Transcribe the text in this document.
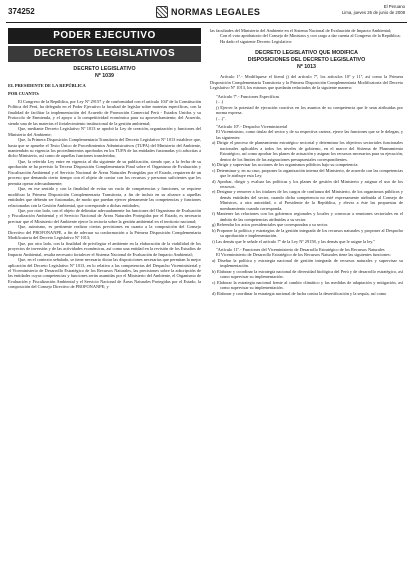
374252	NORMAS LEGALES
El Peruano
Lima, jueves 26 de junio de 2008
PODER EJECUTIVO
DECRETOS LEGISLATIVOS
DECRETO LEGISLATIVO
Nº 1039
EL PRESIDENTE DE LA REPÚBLICA
POR CUANTO:

El Congreso de la República, por Ley Nº 29157 y de conformidad con el artículo 104º de la Constitución Política del Perú, ha delegado en el Poder Ejecutivo la facultad de legislar sobre materias específicas, con la finalidad de facilitar la implementación del Acuerdo de Promoción Comercial Perú - Estados Unidos y su Protocolo de Enmienda, y el apoyo a la competitividad económica para su aprovechamiento; del Acuerdo, siendo una de las materias el fortalecimiento institucional de la gestión ambiental;

Que, mediante Decreto Legislativo Nº 1013 se aprobó la Ley de creación, organización y funciones del Ministerio del Ambiente;

Que, la Primera Disposición Complementaria Transitoria del Decreto Legislativo Nº 1013 establece que, hasta que se apruebe el Texto Único de Procedimientos Administrativos (TUPA) del Ministerio del Ambiente, mantendrán su vigencia los procedimientos aprobados en los TUPA de las entidades fusionadas y/o adscritas a dicho Ministerio, así como de aquellas funciones transferidas;

Que, la referida Ley entre en vigencia al día siguiente de su publicación, siendo que, a la fecha de su aprobación se ha previsto la Tercera Disposición Complementaria Final sobre el Organismo de Evaluación y Fiscalización Ambiental y el Servicio Nacional de Áreas Naturales Protegidas por el Estado, requieren de un proceso que demanda cierto tiempo con el objeto de contar con los recursos y personas suficientes que les permita operar adecuadamente;

Que, en ese sentido y con la finalidad de evitar un vacío de competencias y funciones, se requiere modificar la Primera Disposición Complementaria Transitoria, a fin de incluir en su alcance a aquellas entidades que deberán ser fusionadas, de modo que puedan ejercer plenamente las competencias y funciones relacionadas con la Gestión Ambiental, que corresponde a dichas entidades;

Que, por otro lado, con el objeto de delimitar adecuadamente las funciones del Organismo de Evaluación y Fiscalización Ambiental y el Servicio Nacional de Áreas Naturales Protegidas por el Estado, es necesario precisar que el Ministerio del Ambiente ejerce la rectoría sobre la gestión ambiental en el territorio nacional;

Que, asimismo, es pertinente realizar ciertas precisiones en cuanto a la composición del Consejo Directivo del PROFONANPE, a fin de adecuar su conformación a la Primera Disposición Complementaria Modificatoria del Decreto Legislativo Nº 1013;

Que, por otro lado, con la finalidad de privilegiar el ambiente en la elaboración de la viabilidad de los proyectos de inversión y de las actividades económicas, así como una entidad en la revisión de los Estudios de Impacto Ambiental, resulta necesario fortalecer el Sistema Nacional de Evaluación de Impacto Ambiental;

Que, en el contexto señalado, se tiene necesario dictar las disposiciones necesarias que permitan la mejor aplicación del Decreto Legislativo Nº 1013, en lo relativo a las competencias del Despacho Viceministerial y el Viceministerio de Desarrollo Estratégico de los Recursos Naturales, las precisiones sobre la adscripción de las entidades cuyas competencias y funciones serán asumidas por el Ministerio del Ambiente, el Organismo de Evaluación y Fiscalización Ambiental y el Servicio Nacional de Áreas Naturales Protegidas por el Estado, la composición del Consejo Directivo de PROFONANPE; y

las facultades del Ministerio del Ambiente en el Sistema Nacional de Evaluación de Impacto Ambiental;

Con el voto aprobatorio del Consejo de Ministros y con cargo a dar cuenta al Congreso de la República;

Ha dado el siguiente Decreto Legislativo:

DECRETO LEGISLATIVO QUE MODIFICA
DISPOSICIONES DEL DECRETO LEGISLATIVO
Nº 1013

Artículo 1º.- Modifíquese el literal j) del artículo 7º, los artículos 10º y 11º, así como la Primera Disposición Complementaria Transitoria y la Primera Disposición Complementaria Modificatoria del Decreto Legislativo Nº 1013, los mismos que quedarán redactados de la siguiente manera:

"Artículo 7º.- Funciones Específicas

(…)

j) Ejercer la potestad de ejecución coactiva en los asuntos de su competencia que le sean atribuidas por norma expresa.

(…)".

"Artículo 10º.- Despacho Viceministerial

El Viceministro, como titular del sector y de su respectiva cartera, ejerce las funciones que se le delegan, y las siguientes:

a) Dirigir el proceso de planeamiento estratégico sectorial y determinar los objetivos sectoriales funcionales nacionales aplicables a todos los niveles de gobierno, en el marco del Sistema de Planeamiento Estratégico, así como aprobar los planes de actuación y asignar los recursos necesarios para su ejecución, dentro de los límites de las asignaciones presupuestales correspondientes.

b) Dirigir y supervisar las acciones de los organismos públicos bajo su competencia.

c) Determinar y, en su caso, proponer la organización interna del Ministerio, de acuerdo con las competencias que le atribuye esta Ley.

d) Aprobar, dirigir y evaluar las políticas y los planes de gestión del Ministerio y asignar el uso de los recursos.

e) Designar y remover a los titulares de los cargos de confianza del Ministerio, de los organismos públicos y demás entidades del sector, cuando dicha competencia no esté expresamente atribuida al Consejo de Ministros, a otra autoridad, o al Presidente de la República, y elevar a éste las propuestas de nombramiento cuando corresponda.

f) Mantener las relaciones con los gobiernos regionales y locales y convocar a reuniones sectoriales en el ámbito de las competencias atribuidas a su sector.

g) Refrendar los actos presidenciales que correspondan a su sector.

h) Proponer la política y estrategias de la gestión integrada de los recursos naturales y proponer al Despacho su aprobación e implementación.

i) Las demás que le señale el artículo 7º de la Ley Nº 29158, y las demás que le asigne la ley."

"Artículo 11º.- Funciones del Viceministerio de Desarrollo Estratégico de los Recursos Naturales

El Viceministerio de Desarrollo Estratégico de los Recursos Naturales tiene las siguientes funciones:

a) Diseñar la política y estrategia nacional de gestión integrada de recursos naturales y supervisar su implementación.

b) Elaborar y coordinar la estrategia nacional de diversidad biológica del Perú y de desarrollo estratégico, así como supervisar su implementación.

c) Elaborar la estrategia nacional frente al cambio climático y las medidas de adaptación y mitigación, así como supervisar su implementación.

d) Elaborar y coordinar la estrategia nacional de lucha contra la desertificación y la sequía, así como
